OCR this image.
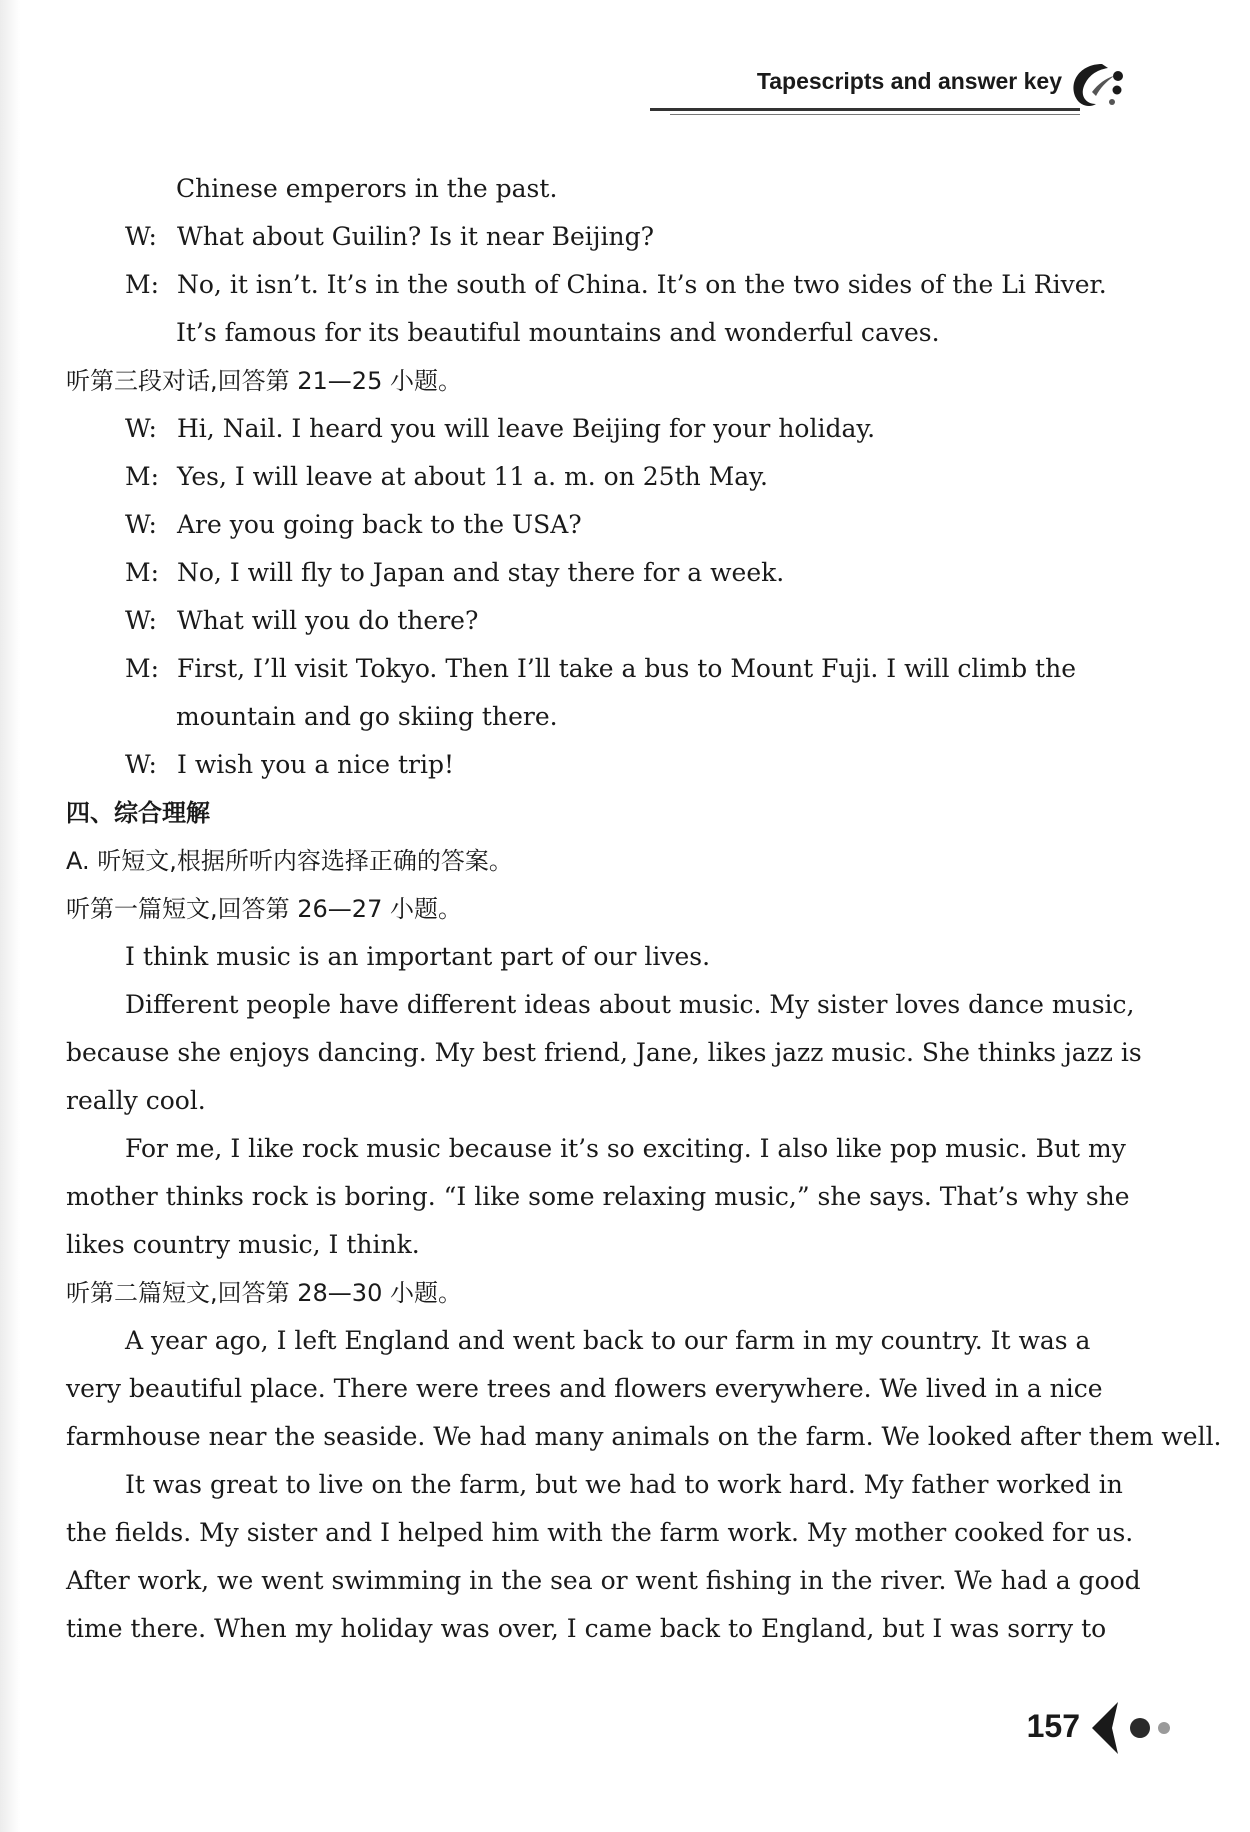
Tapescripts and answer key
Chinese emperors in the past.
W: What about Guilin? Is it near Beijing?
M: No, it isn’t. It’s in the south of China. It’s on the two sides of the Li River.
It’s famous for its beautiful mountains and wonderful caves.
听第三段对话,回答第 21—25 小题。
W: Hi, Nail. I heard you will leave Beijing for your holiday.
M: Yes, I will leave at about 11 a. m. on 25th May.
W: Are you going back to the USA?
M: No, I will fly to Japan and stay there for a week.
W: What will you do there?
M: First, I’ll visit Tokyo. Then I’ll take a bus to Mount Fuji. I will climb the
mountain and go skiing there.
W: I wish you a nice trip!
四、综合理解
A. 听短文,根据所听内容选择正确的答案。
听第一篇短文,回答第 26—27 小题。
I think music is an important part of our lives.
Different people have different ideas about music. My sister loves dance music,
because she enjoys dancing. My best friend, Jane, likes jazz music. She thinks jazz is
really cool.
For me, I like rock music because it’s so exciting. I also like pop music. But my
mother thinks rock is boring. “I like some relaxing music,” she says. That’s why she
likes country music, I think.
听第二篇短文,回答第 28—30 小题。
A year ago, I left England and went back to our farm in my country. It was a
very beautiful place. There were trees and flowers everywhere. We lived in a nice
farmhouse near the seaside. We had many animals on the farm. We looked after them well.
It was great to live on the farm, but we had to work hard. My father worked in
the fields. My sister and I helped him with the farm work. My mother cooked for us.
After work, we went swimming in the sea or went fishing in the river. We had a good
time there. When my holiday was over, I came back to England, but I was sorry to
157
